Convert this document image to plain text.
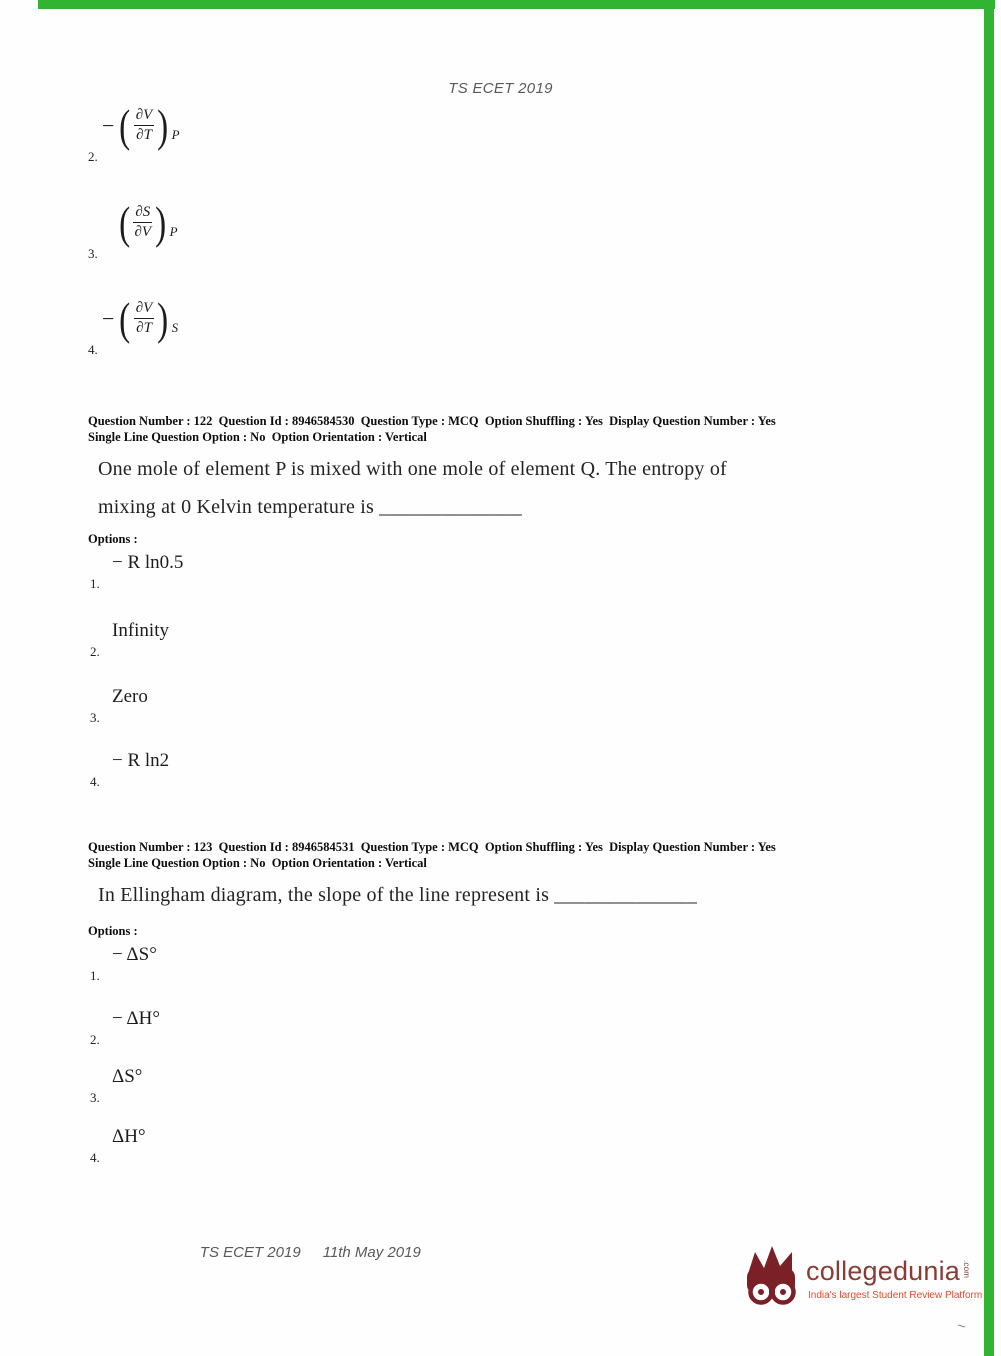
TS ECET 2019
− ( $\frac{\partial V}{\partial T}$ ) P
2.
( $\frac{\partial S}{\partial V}$ ) P
3.
− ( $\frac{\partial V}{\partial T}$ ) S
4.
Question Number : 122  Question Id : 8946584530  Question Type : MCQ  Option Shuffling : Yes  Display Question Number : Yes
Single Line Question Option : No  Option Orientation : Vertical
One mole of element P is mixed with one mole of element Q. The entropy of
mixing at 0 Kelvin temperature is ______________
Options :
− R ln0.5
1.
Infinity
2.
Zero
3.
− R ln2
4.
Question Number : 123  Question Id : 8946584531  Question Type : MCQ  Option Shuffling : Yes  Display Question Number : Yes
Single Line Question Option : No  Option Orientation : Vertical
In Ellingham diagram, the slope of the line represent is ______________
Options :
− ΔS°
1.
− ΔH°
2.
ΔS°
3.
ΔH°
4.
TS ECET 2019 11th May 2019
collegedunia .com
India's largest Student Review Platform
~
